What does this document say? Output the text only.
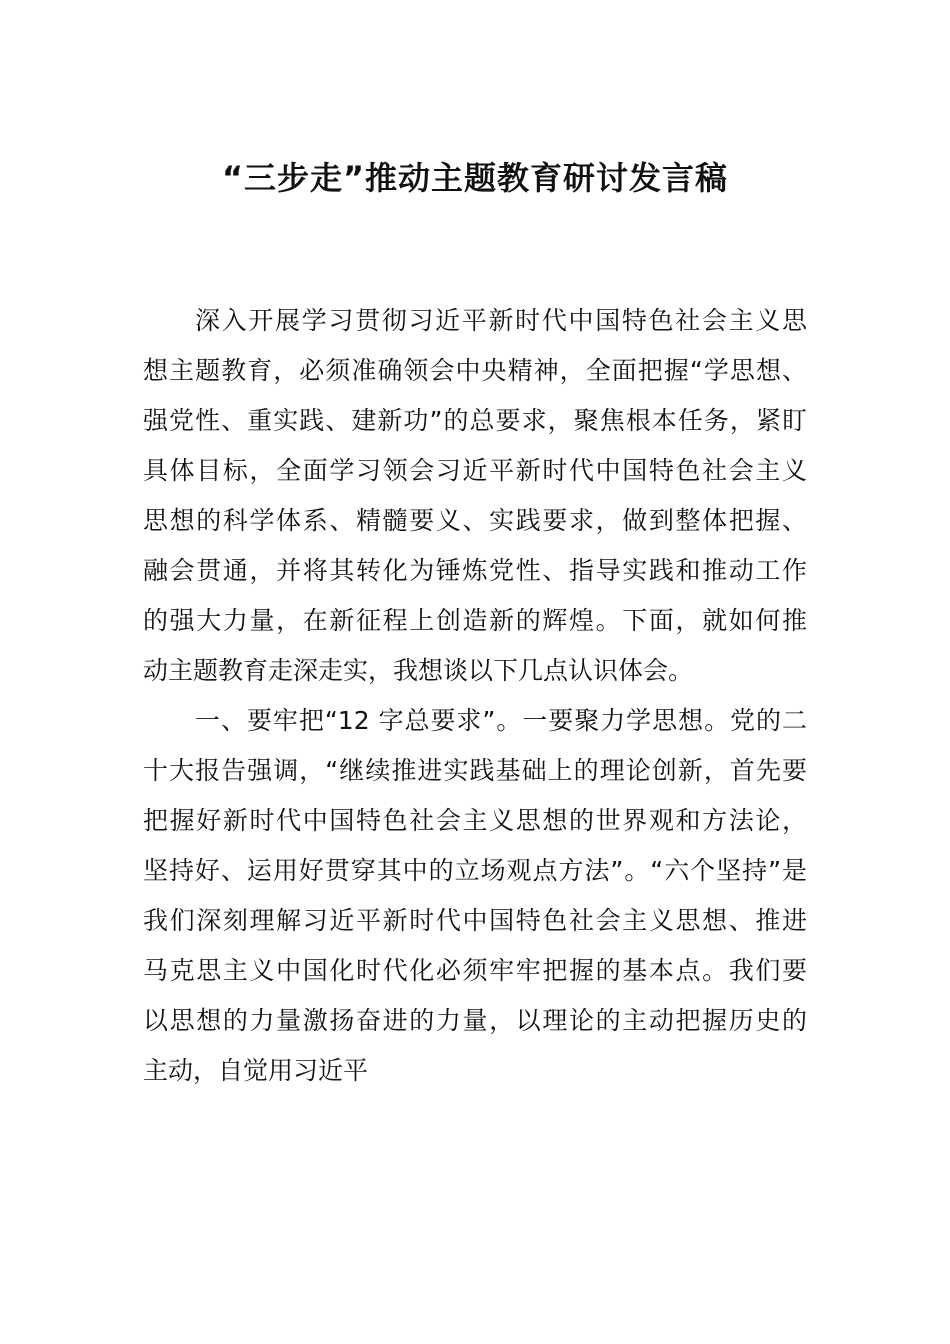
“三步走”推动主题教育研讨发言稿
深入开展学习贯彻习近平新时代中国特色社会主义思
想主题教育，必须准确领会中央精神，全面把握“学思想、
强党性、重实践、建新功”的总要求，聚焦根本任务，紧盯
具体目标，全面学习领会习近平新时代中国特色社会主义
思想的科学体系、精髓要义、实践要求，做到整体把握、
融会贯通，并将其转化为锤炼党性、指导实践和推动工作
的强大力量，在新征程上创造新的辉煌。下面，就如何推
动主题教育走深走实，我想谈以下几点认识体会。
一、要牢把“12 字总要求”。一要聚力学思想。党的二
十大报告强调，“继续推进实践基础上的理论创新，首先要
把握好新时代中国特色社会主义思想的世界观和方法论，
坚持好、运用好贯穿其中的立场观点方法”。“六个坚持”是
我们深刻理解习近平新时代中国特色社会主义思想、推进
马克思主义中国化时代化必须牢牢把握的基本点。我们要
以思想的力量激扬奋进的力量，以理论的主动把握历史的
主动，自觉用习近平
